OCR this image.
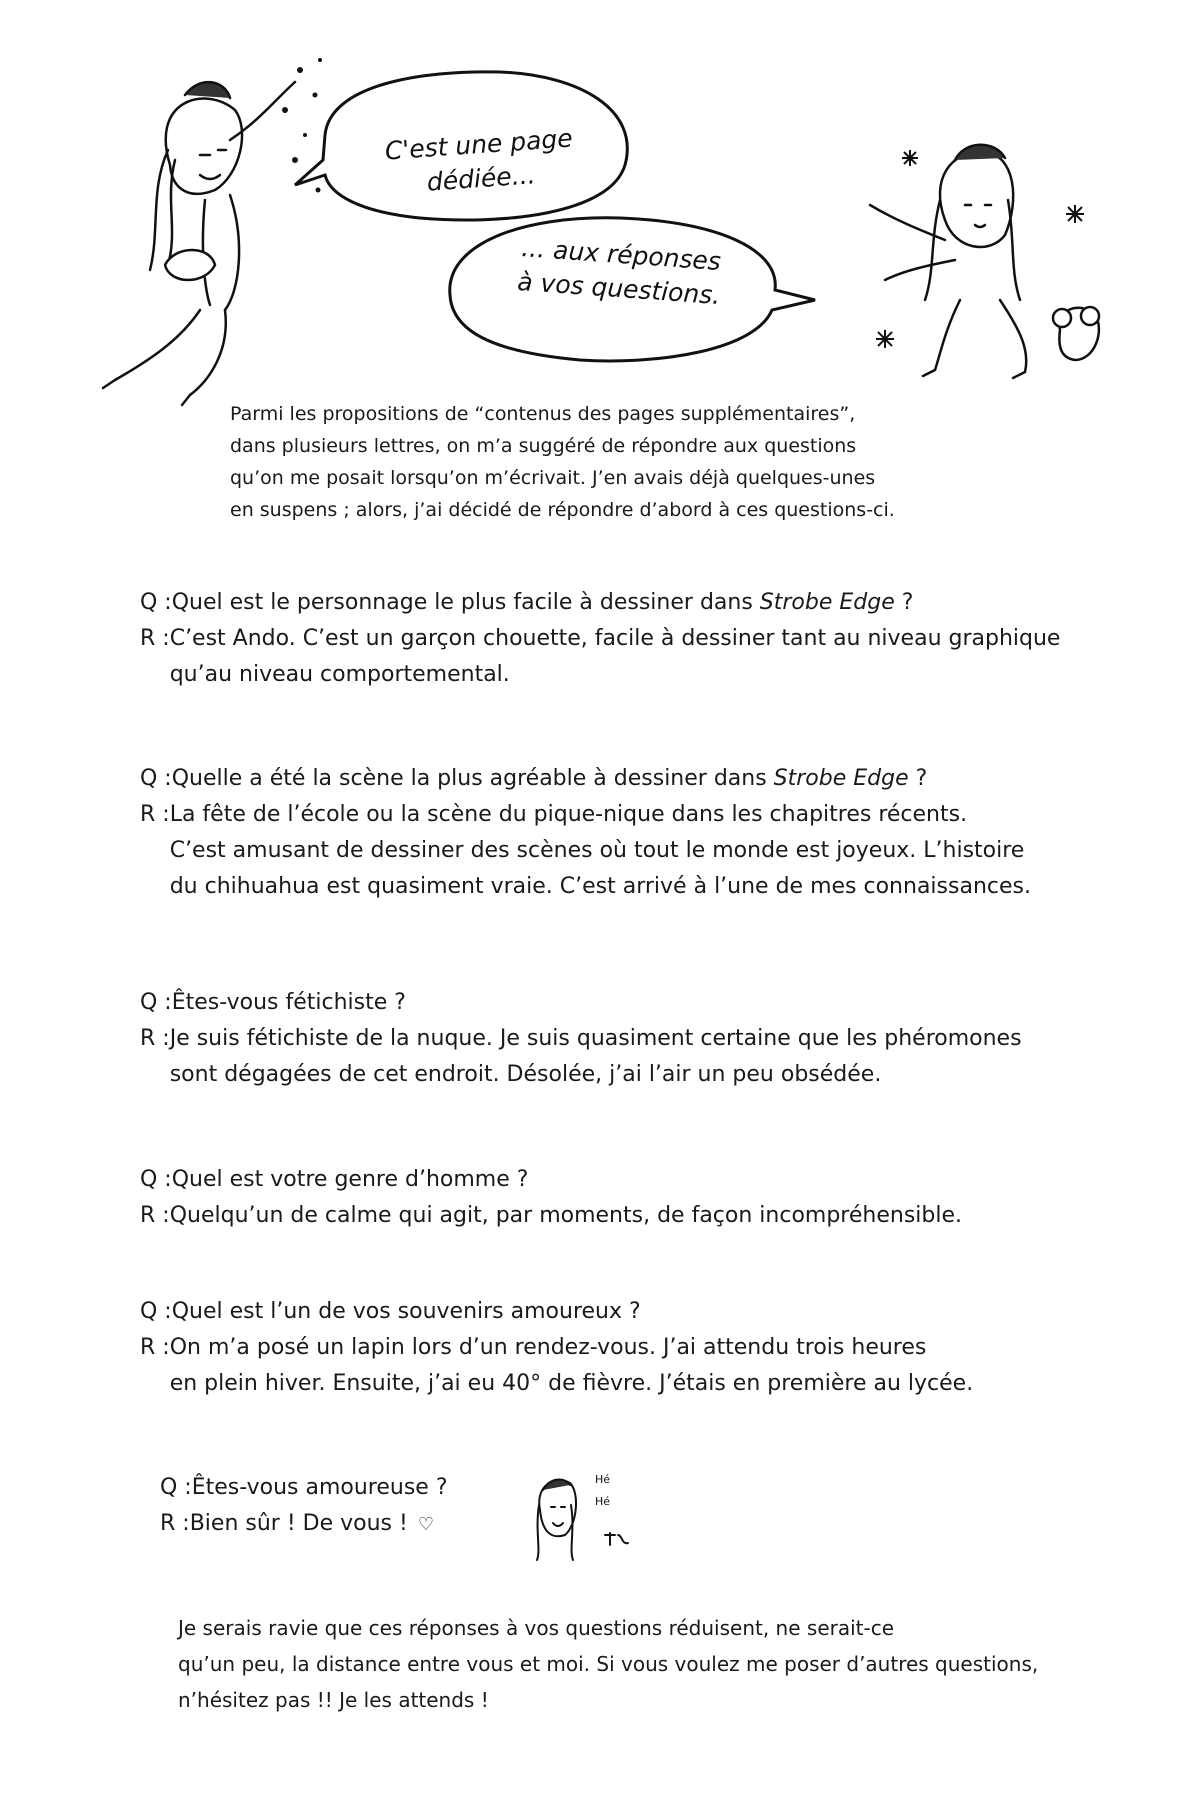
C'est une page
dédiée...
... aux réponses
à vos questions.

Parmi les propositions de “contenus des pages supplémentaires”,

dans plusieurs lettres, on m’a suggéré de répondre aux questions

qu’on me posait lorsqu’on m’écrivait. J’en avais déjà quelques-unes

en suspens ; alors, j’ai décidé de répondre d’abord à ces questions-ci.

Q : Quel est le personnage le plus facile à dessiner dans Strobe Edge ?

R : C’est Ando. C’est un garçon chouette, facile à dessiner tant au niveau graphique
qu’au niveau comportemental.

Q : Quelle a été la scène la plus agréable à dessiner dans Strobe Edge ?

R : La fête de l’école ou la scène du pique-nique dans les chapitres récents.
C’est amusant de dessiner des scènes où tout le monde est joyeux. L’histoire
du chihuahua est quasiment vraie. C’est arrivé à l’une de mes connaissances.

Q : Êtes-vous fétichiste ?

R : Je suis fétichiste de la nuque. Je suis quasiment certaine que les phéromones
sont dégagées de cet endroit. Désolée, j’ai l’air un peu obsédée.

Q : Quel est votre genre d’homme ?

R : Quelqu’un de calme qui agit, par moments, de façon incompréhensible.

Q : Quel est l’un de vos souvenirs amoureux ?

R : On m’a posé un lapin lors d’un rendez-vous. J’ai attendu trois heures
en plein hiver. Ensuite, j’ai eu 40° de fièvre. J’étais en première au lycée.

Q : Êtes-vous amoureuse ?

R : Bien sûr ! De vous ! ♡

Hé
Hé

Je serais ravie que ces réponses à vos questions réduisent, ne serait-ce

qu’un peu, la distance entre vous et moi. Si vous voulez me poser d’autres questions,

n’hésitez pas !! Je les attends !
